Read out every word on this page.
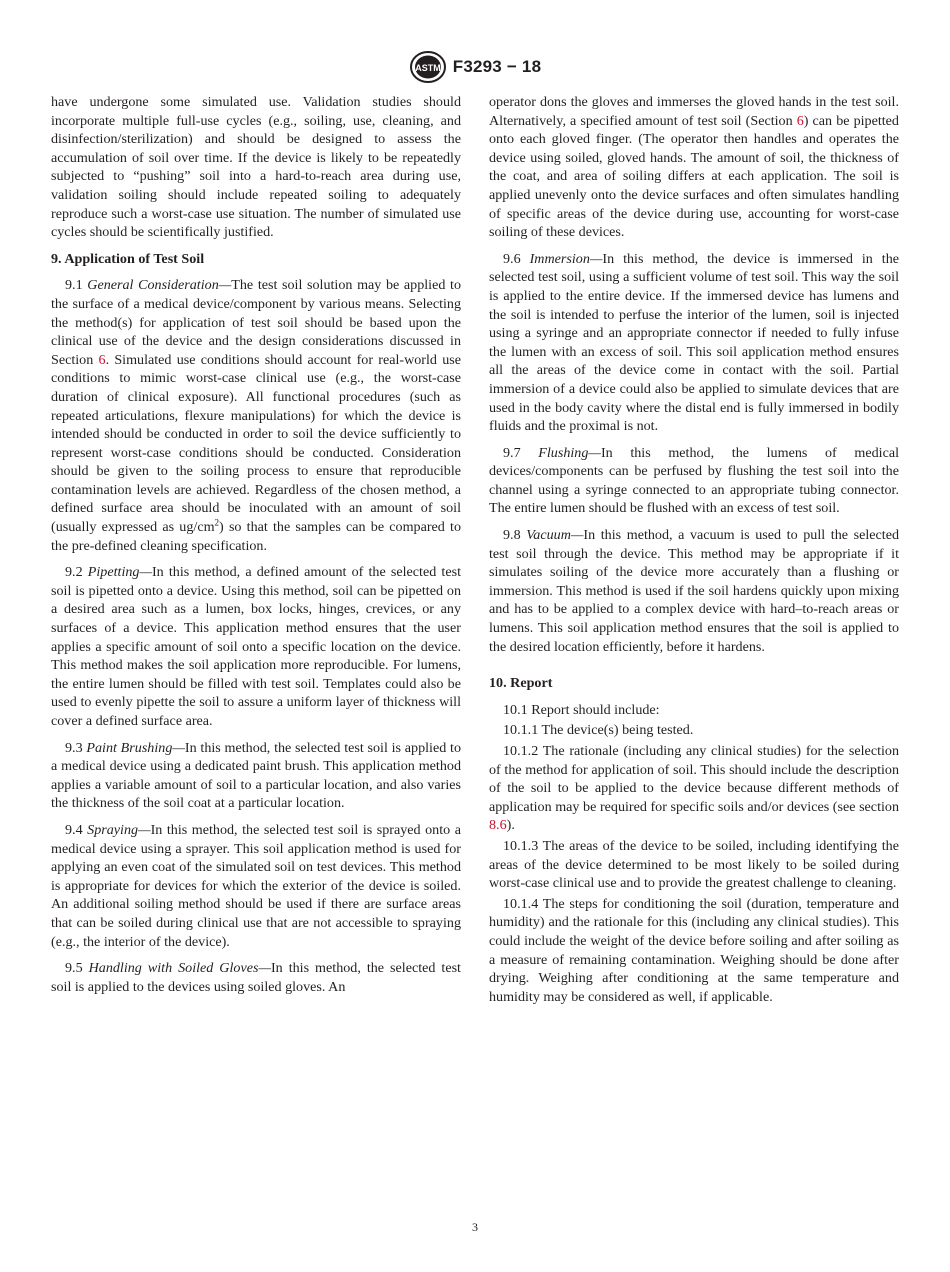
ASTM F3293 − 18

have undergone some simulated use. Validation studies should incorporate multiple full-use cycles (e.g., soiling, use, cleaning, and disinfection/sterilization) and should be designed to assess the accumulation of soil over time. If the device is likely to be repeatedly subjected to “pushing” soil into a hard-to-reach area during use, validation soiling should include repeated soiling to adequately reproduce such a worst-case use situation. The number of simulated use cycles should be scientifically justified.

9. Application of Test Soil

9.1 General Consideration—The test soil solution may be applied to the surface of a medical device/component by various means. Selecting the method(s) for application of test soil should be based upon the clinical use of the device and the design considerations discussed in Section 6. Simulated use conditions should account for real-world use conditions to mimic worst-case clinical use (e.g., the worst-case duration of clinical exposure). All functional procedures (such as repeated articulations, flexure manipulations) for which the device is intended should be conducted in order to soil the device sufficiently to represent worst-case conditions should be conducted. Consideration should be given to the soiling process to ensure that reproducible contamination levels are achieved. Regardless of the chosen method, a defined surface area should be inoculated with an amount of soil (usually expressed as $ug/cm^2$) so that the samples can be compared to the pre-defined cleaning specification.

9.2 Pipetting—In this method, a defined amount of the selected test soil is pipetted onto a device. Using this method, soil can be pipetted on a desired area such as a lumen, box locks, hinges, crevices, or any surfaces of a device. This application method ensures that the user applies a specific amount of soil onto a specific location on the device. This method makes the soil application more reproducible. For lumens, the entire lumen should be filled with test soil. Templates could also be used to evenly pipette the soil to assure a uniform layer of thickness will cover a defined surface area.

9.3 Paint Brushing—In this method, the selected test soil is applied to a medical device using a dedicated paint brush. This application method applies a variable amount of soil to a particular location, and also varies the thickness of the soil coat at a particular location.

9.4 Spraying—In this method, the selected test soil is sprayed onto a medical device using a sprayer. This soil application method is used for applying an even coat of the simulated soil on test devices. This method is appropriate for devices for which the exterior of the device is soiled. An additional soiling method should be used if there are surface areas that can be soiled during clinical use that are not accessible to spraying (e.g., the interior of the device).

9.5 Handling with Soiled Gloves—In this method, the selected test soil is applied to the devices using soiled gloves. An

operator dons the gloves and immerses the gloved hands in the test soil. Alternatively, a specified amount of test soil (Section 6) can be pipetted onto each gloved finger. (The operator then handles and operates the device using soiled, gloved hands. The amount of soil, the thickness of the coat, and area of soiling differs at each application. The soil is applied unevenly onto the device surfaces and often simulates handling of specific areas of the device during use, accounting for worst-case soiling of these devices.

9.6 Immersion—In this method, the device is immersed in the selected test soil, using a sufficient volume of test soil. This way the soil is applied to the entire device. If the immersed device has lumens and the soil is intended to perfuse the interior of the lumen, soil is injected using a syringe and an appropriate connector if needed to fully infuse the lumen with an excess of soil. This soil application method ensures all the areas of the device come in contact with the soil. Partial immersion of a device could also be applied to simulate devices that are used in the body cavity where the distal end is fully immersed in bodily fluids and the proximal is not.

9.7 Flushing—In this method, the lumens of medical devices/components can be perfused by flushing the test soil into the channel using a syringe connected to an appropriate tubing connector. The entire lumen should be flushed with an excess of test soil.

9.8 Vacuum—In this method, a vacuum is used to pull the selected test soil through the device. This method may be appropriate if it simulates soiling of the device more accurately than a flushing or immersion. This method is used if the soil hardens quickly upon mixing and has to be applied to a complex device with hard–to-reach areas or lumens. This soil application method ensures that the soil is applied to the desired location efficiently, before it hardens.

10. Report

10.1 Report should include:

10.1.1 The device(s) being tested.

10.1.2 The rationale (including any clinical studies) for the selection of the method for application of soil. This should include the description of the soil to be applied to the device because different methods of application may be required for specific soils and/or devices (see section 8.6).

10.1.3 The areas of the device to be soiled, including identifying the areas of the device determined to be most likely to be soiled during worst-case clinical use and to provide the greatest challenge to cleaning.

10.1.4 The steps for conditioning the soil (duration, temperature and humidity) and the rationale for this (including any clinical studies). This could include the weight of the device before soiling and after soiling as a measure of remaining contamination. Weighing should be done after drying. Weighing after conditioning at the same temperature and humidity may be considered as well, if applicable.

3
